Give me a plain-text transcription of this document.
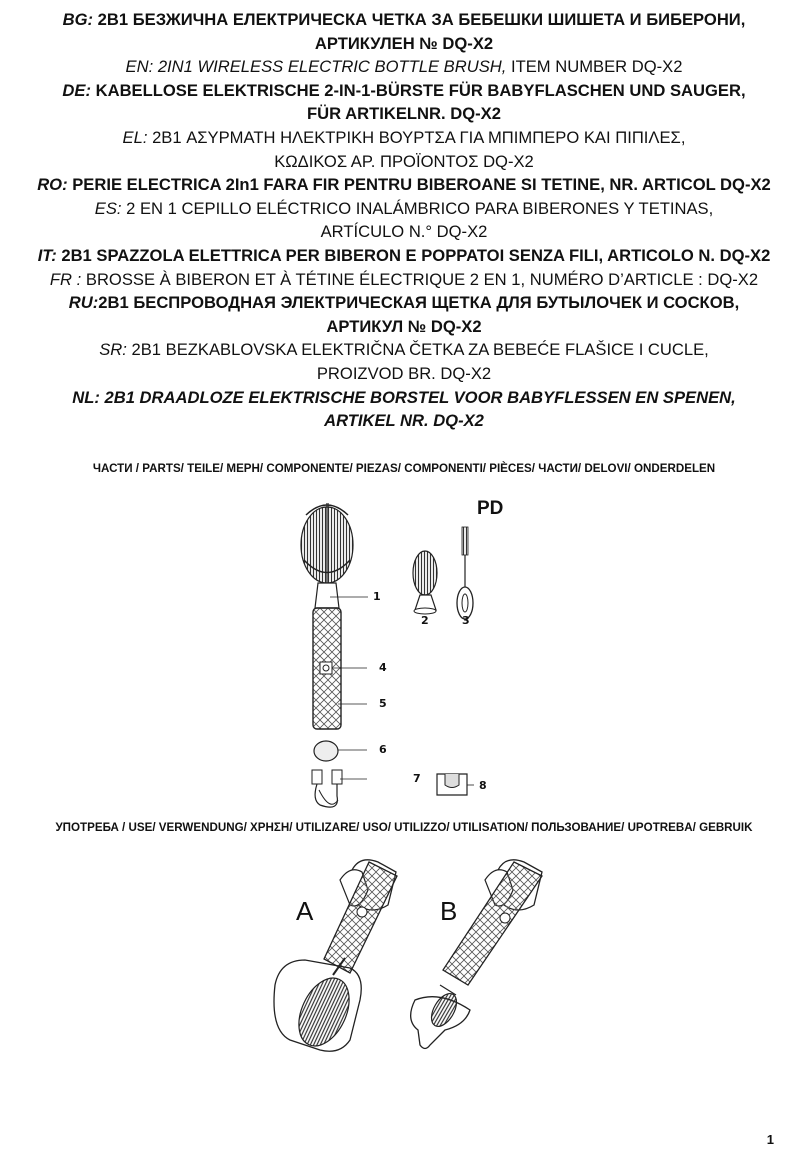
BG: 2В1 БЕЗЖИЧНА ЕЛЕКТРИЧЕСКА ЧЕТКА ЗА БЕБЕШКИ ШИШЕТА И БИБЕРОНИ,
АРТИКУЛЕН № DQ-X2
EN: 2IN1 WIRELESS ELECTRIC BOTTLE BRUSH, ITEM NUMBER DQ-X2
DE: KABELLOSE ELEKTRISCHE 2-IN-1-BÜRSTE FÜR BABYFLASCHEN UND SAUGER,
FÜR ARTIKELNR. DQ-X2
EL: 2B1 ΑΣΥΡΜΑΤΗ ΗΛΕΚΤΡΙΚΗ ΒΟΥΡΤΣΑ ΓΙΑ ΜΠΙΜΠΕΡΟ ΚΑΙ ΠΙΠΙΛΕΣ,
ΚΩΔΙΚΟΣ ΑΡ. ΠΡΟΪΟΝΤΟΣ DQ-X2
RO: PERIE ELECTRICA 2In1 FARA FIR PENTRU BIBEROANE SI TETINE, NR. ARTICOL DQ-X2
ES: 2 EN 1 CEPILLO ELÉCTRICO INALÁMBRICO PARA BIBERONES Y TETINAS,
ARTÍCULO N.° DQ-X2
IT: 2B1 SPAZZOLA ELETTRICA PER BIBERON E POPPATOI SENZA FILI, ARTICOLO N. DQ-X2
FR : BROSSE À BIBERON ET À TÉTINE ÉLECTRIQUE 2 EN 1, NUMÉRO D’ARTICLE : DQ-X2
RU:2В1 БЕСПРОВОДНАЯ ЭЛЕКТРИЧЕСКАЯ ЩЕТКА ДЛЯ БУТЫЛОЧЕК И СОСКОВ,
АРТИКУЛ № DQ-X2
SR: 2B1 BEZKABLOVSKA ELEKTRIČNA ČETKA ZA BEBEĆE FLAŠICE I CUCLE,
PROIZVOD BR. DQ-X2
NL: 2B1 DRAADLOZE ELEKTRISCHE BORSTEL VOOR BABYFLESSEN EN SPENEN,
ARTIKEL NR. DQ-X2
ЧАСТИ / PARTS/ TEILE/ ΜΕΡΗ/ COMPONENTE/ PIEZAS/ COMPONENTI/ PIÈCES/ ЧАСТИ/ DELOVI/ ONDERDELEN
PD
1
2	3
4
5
6
7
8
УПОТРЕБА / USE/ VERWENDUNG/ ΧΡΗΣΗ/ UTILIZARE/ USO/ UTILIZZO/ UTILISATION/ ПОЛЬЗОВАНИЕ/ UPOTREBA/ GEBRUIK
A	B
1
